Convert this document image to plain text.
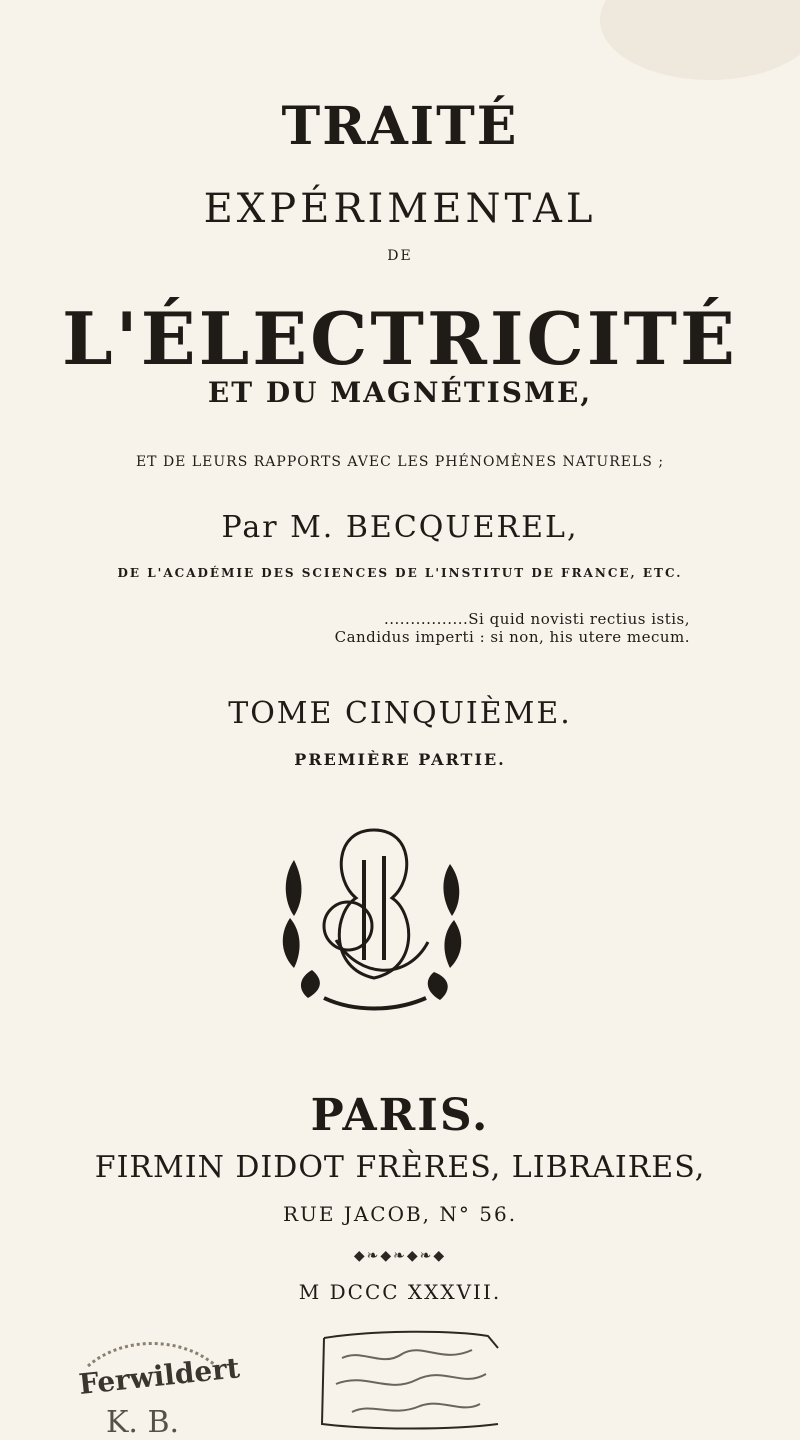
TRAITÉ
EXPÉRIMENTAL
DE
L'ÉLECTRICITÉ
ET DU MAGNÉTISME,
ET DE LEURS RAPPORTS AVEC LES PHÉNOMÈNES NATURELS ;
Par M. BECQUEREL,
DE L'ACADÉMIE DES SCIENCES DE L'INSTITUT DE FRANCE, ETC.
................Si quid novisti rectius istis,
Candidus imperti : si non, his utere mecum.
TOME CINQUIÈME.
PREMIÈRE PARTIE.
PARIS.
FIRMIN DIDOT FRÈRES, LIBRAIRES,
RUE JACOB, N° 56.
◆❧◆❧◆❧◆
M DCCC XXXVII.
Ferwildert
K. B.
